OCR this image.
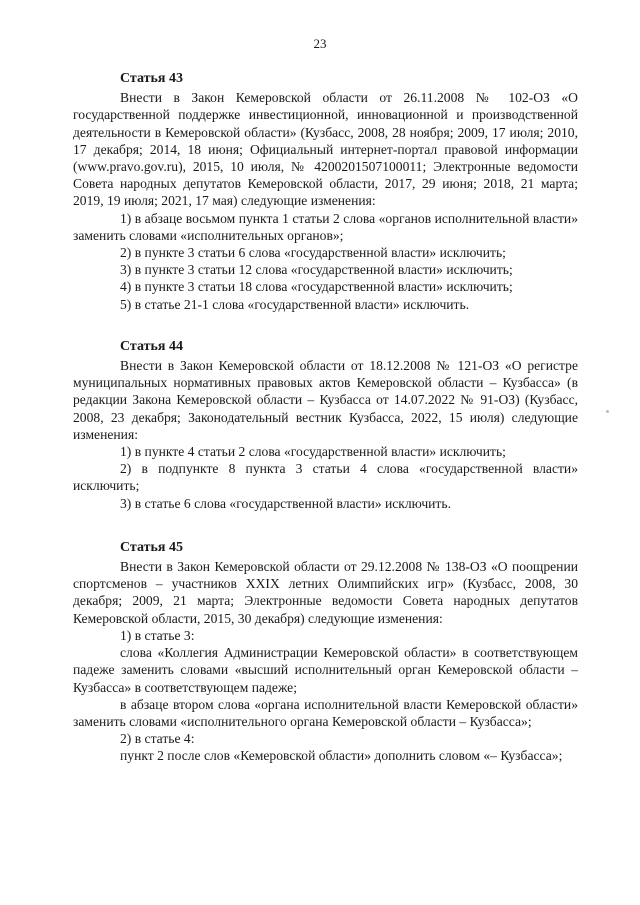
23
Статья 43

Внести в Закон Кемеровской области от 26.11.2008 № 102-ОЗ «О государственной поддержке инвестиционной, инновационной и производственной деятельности в Кемеровской области» (Кузбасс, 2008, 28 ноября; 2009, 17 июля; 2010, 17 декабря; 2014, 18 июня; Официальный интернет-портал правовой информации (www.pravo.gov.ru), 2015, 10 июля, № 4200201507100011; Электронные ведомости Совета народных депутатов Кемеровской области, 2017, 29 июня; 2018, 21 марта; 2019, 19 июля; 2021, 17 мая) следующие изменения:

1) в абзаце восьмом пункта 1 статьи 2 слова «органов исполнительной власти» заменить словами «исполнительных органов»;

2) в пункте 3 статьи 6 слова «государственной власти» исключить;

3) в пункте 3 статьи 12 слова «государственной власти» исключить;

4) в пункте 3 статьи 18 слова «государственной власти» исключить;

5) в статье 21-1 слова «государственной власти» исключить.

Статья 44

Внести в Закон Кемеровской области от 18.12.2008 № 121-ОЗ «О регистре муниципальных нормативных правовых актов Кемеровской области – Кузбасса» (в редакции Закона Кемеровской области – Кузбасса от 14.07.2022 № 91-ОЗ) (Кузбасс, 2008, 23 декабря; Законодательный вестник Кузбасса, 2022, 15 июля) следующие изменения:

1) в пункте 4 статьи 2 слова «государственной власти» исключить;

2) в подпункте 8 пункта 3 статьи 4 слова «государственной власти» исключить;

3) в статье 6 слова «государственной власти» исключить.

Статья 45

Внести в Закон Кемеровской области от 29.12.2008 № 138-ОЗ «О поощрении спортсменов – участников XXIX летних Олимпийских игр» (Кузбасс, 2008, 30 декабря; 2009, 21 марта; Электронные ведомости Совета народных депутатов Кемеровской области, 2015, 30 декабря) следующие изменения:

1) в статье 3:

слова «Коллегия Администрации Кемеровской области» в соответствующем падеже заменить словами «высший исполнительный орган Кемеровской области – Кузбасса» в соответствующем падеже;

в абзаце втором слова «органа исполнительной власти Кемеровской области» заменить словами «исполнительного органа Кемеровской области – Кузбасса»;

2) в статье 4:

пункт 2 после слов «Кемеровской области» дополнить словом «– Кузбасса»;
